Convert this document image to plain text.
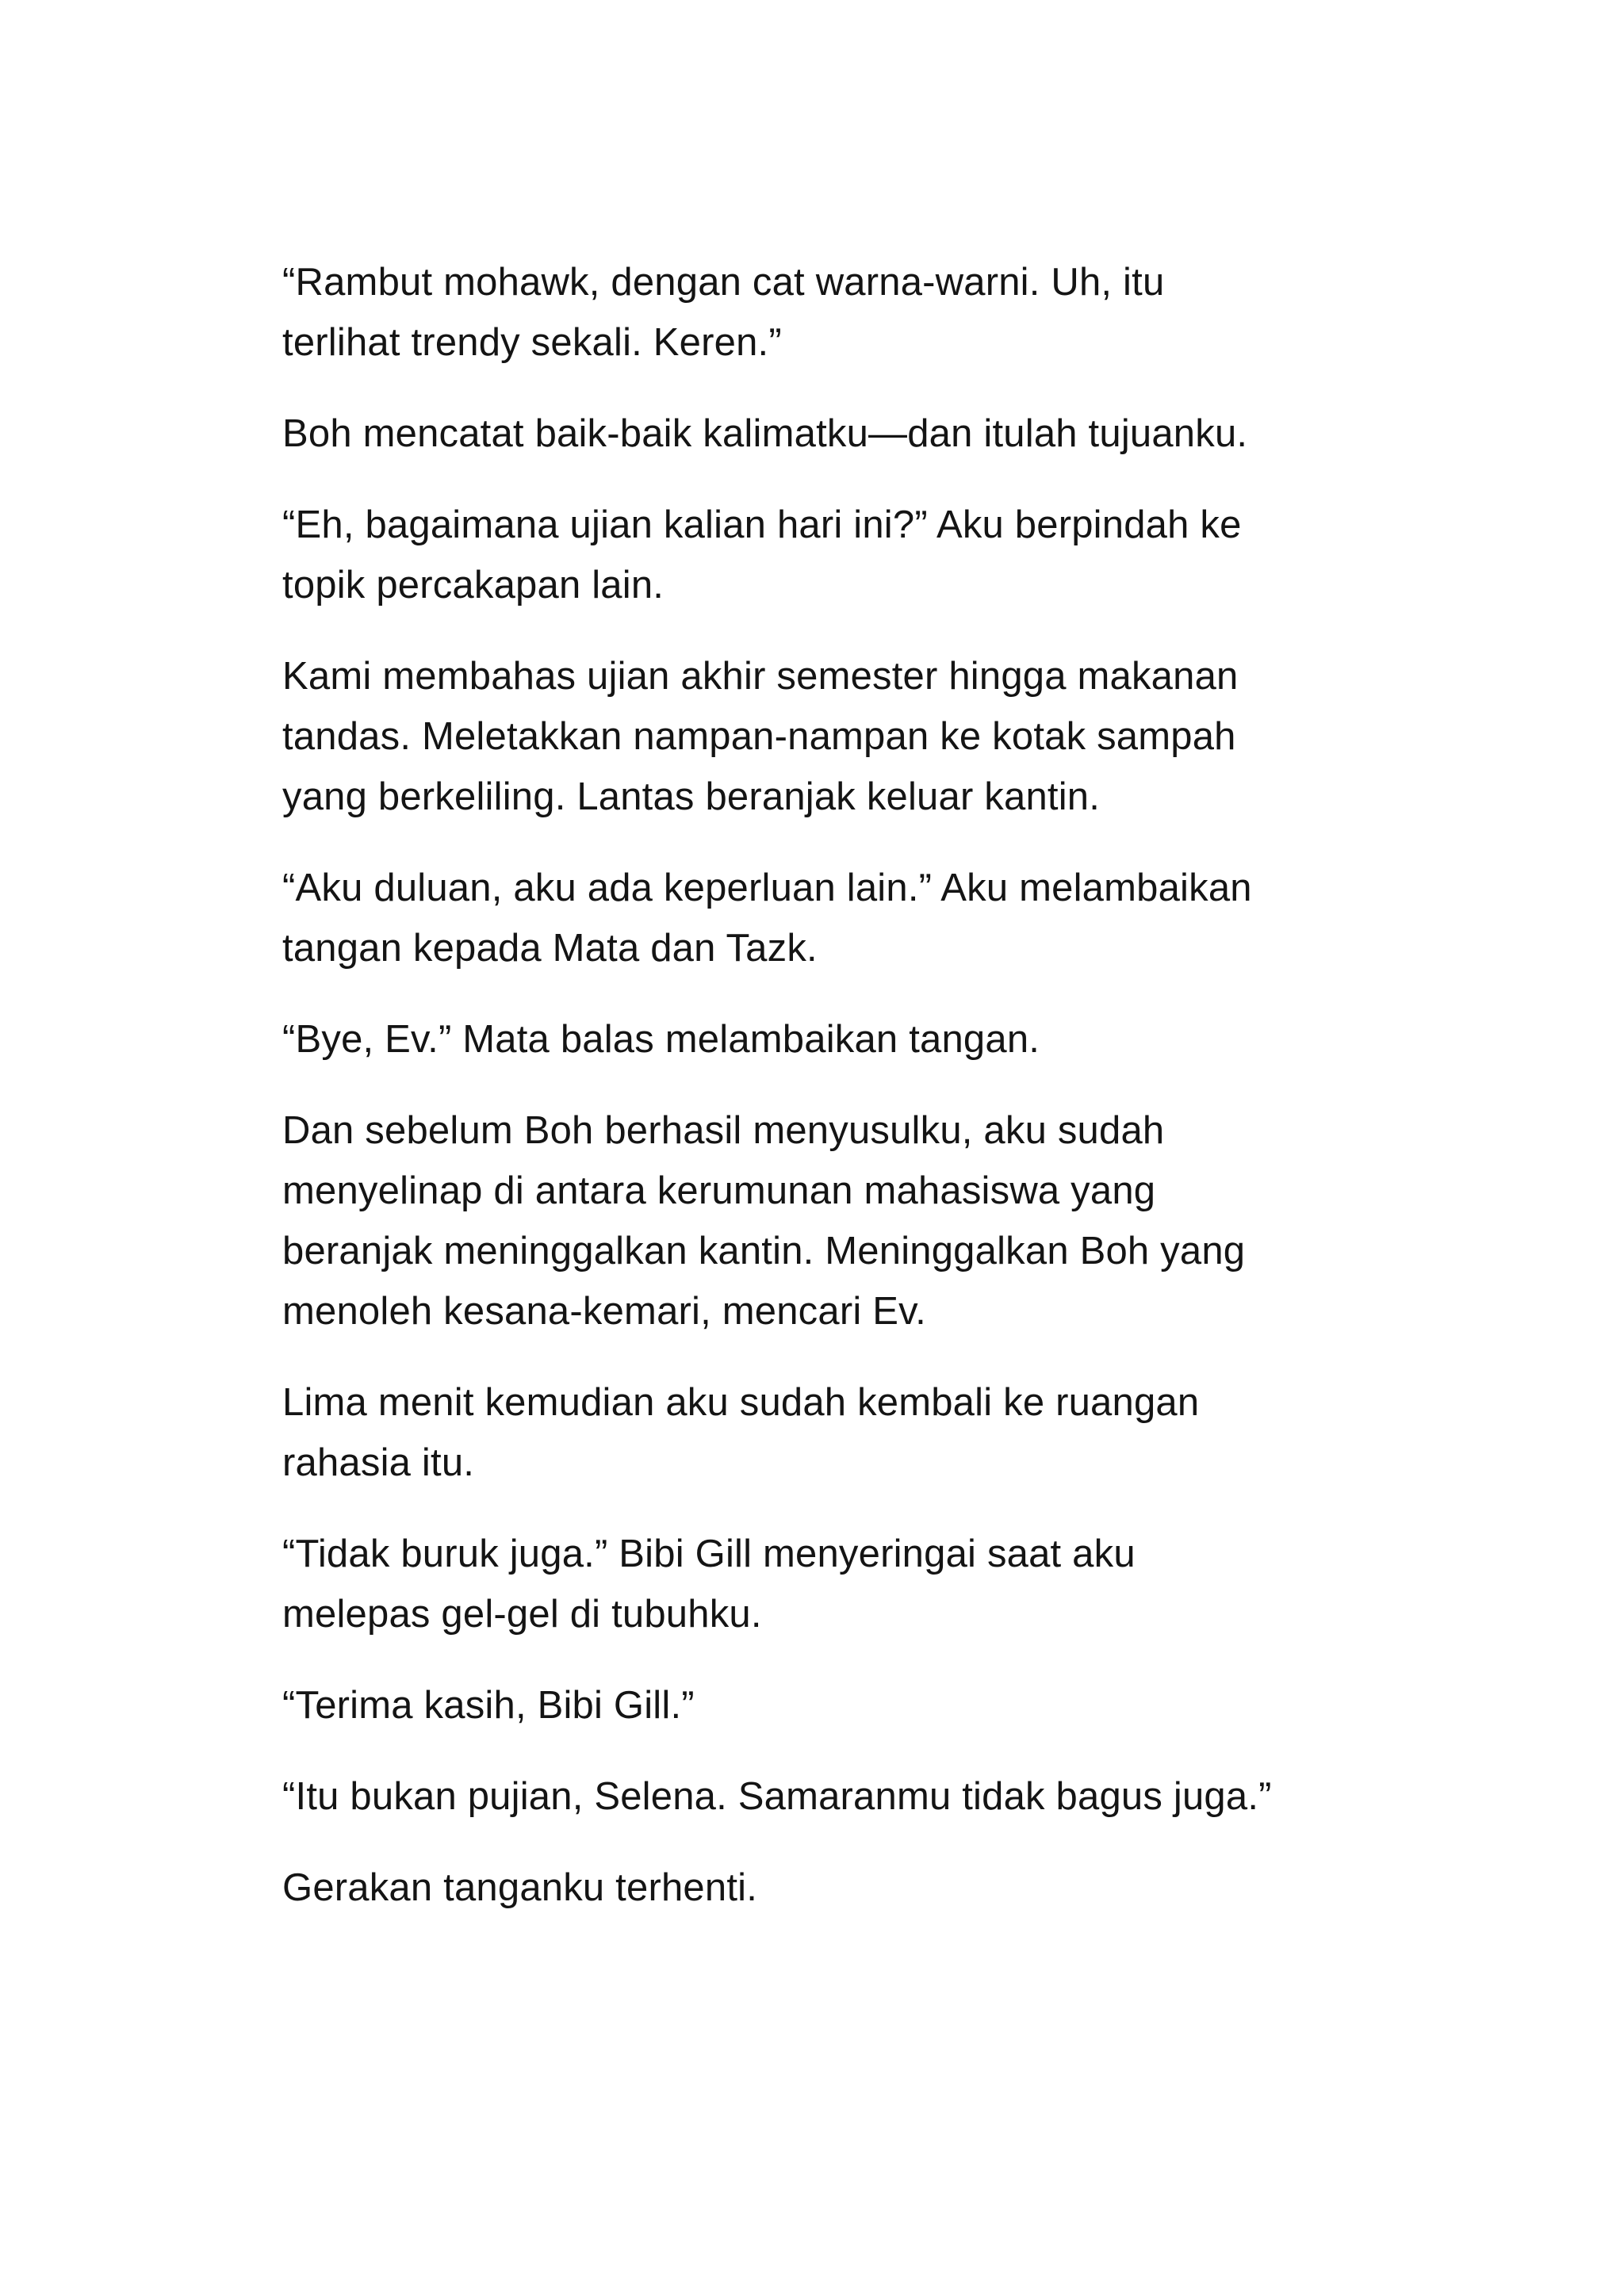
“Rambut mohawk, dengan cat warna-warni. Uh, itu
terlihat trendy sekali. Keren.”

Boh mencatat baik-baik kalimatku—dan itulah tujuanku.

“Eh, bagaimana ujian kalian hari ini?” Aku berpindah ke
topik percakapan lain.

Kami membahas ujian akhir semester hingga makanan
tandas. Meletakkan nampan-nampan ke kotak sampah
yang berkeliling. Lantas beranjak keluar kantin.

“Aku duluan, aku ada keperluan lain.” Aku melambaikan
tangan kepada Mata dan Tazk.

“Bye, Ev.” Mata balas melambaikan tangan.

Dan sebelum Boh berhasil menyusulku, aku sudah
menyelinap di antara kerumunan mahasiswa yang
beranjak meninggalkan kantin. Meninggalkan Boh yang
menoleh kesana-kemari, mencari Ev.

Lima menit kemudian aku sudah kembali ke ruangan
rahasia itu.

“Tidak buruk juga.” Bibi Gill menyeringai saat aku
melepas gel-gel di tubuhku.

“Terima kasih, Bibi Gill.”

“Itu bukan pujian, Selena. Samaranmu tidak bagus juga.”

Gerakan tanganku terhenti.
